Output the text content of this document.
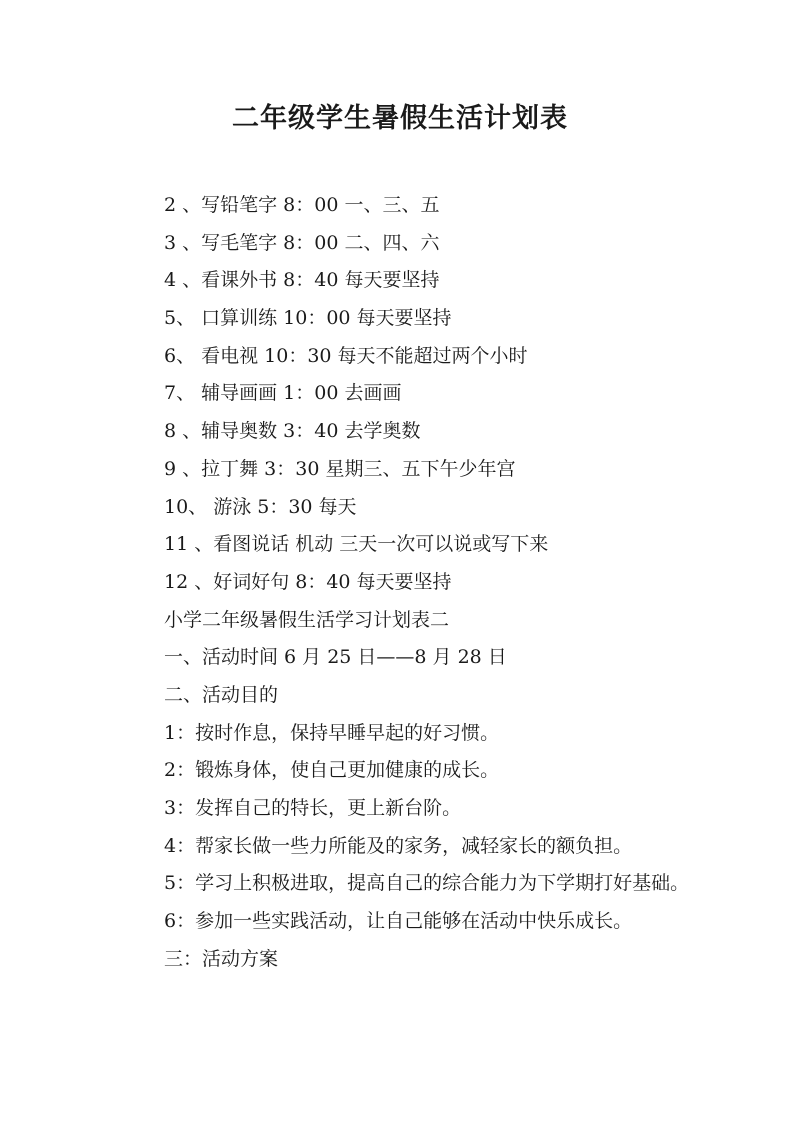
二年级学生暑假生活计划表
2 、写铅笔字 8：00 一、三、五
3 、写毛笔字 8：00 二、四、六
4 、看课外书 8：40 每天要坚持
5、 口算训练 10：00 每天要坚持
6、 看电视 10：30 每天不能超过两个小时
7、 辅导画画 1：00 去画画
8 、辅导奥数 3：40 去学奥数
9 、拉丁舞 3：30 星期三、五下午少年宫
10、 游泳 5：30 每天
11 、看图说话 机动 三天一次可以说或写下来
12 、好词好句 8：40 每天要坚持
小学二年级暑假生活学习计划表二
一、活动时间 6 月 25 日——8 月 28 日
二、活动目的
1：按时作息，保持早睡早起的好习惯。
2：锻炼身体，使自己更加健康的成长。
3：发挥自己的特长，更上新台阶。
4：帮家长做一些力所能及的家务，减轻家长的额负担。
5：学习上积极进取，提高自己的综合能力为下学期打好基础。
6：参加一些实践活动，让自己能够在活动中快乐成长。
三：活动方案
